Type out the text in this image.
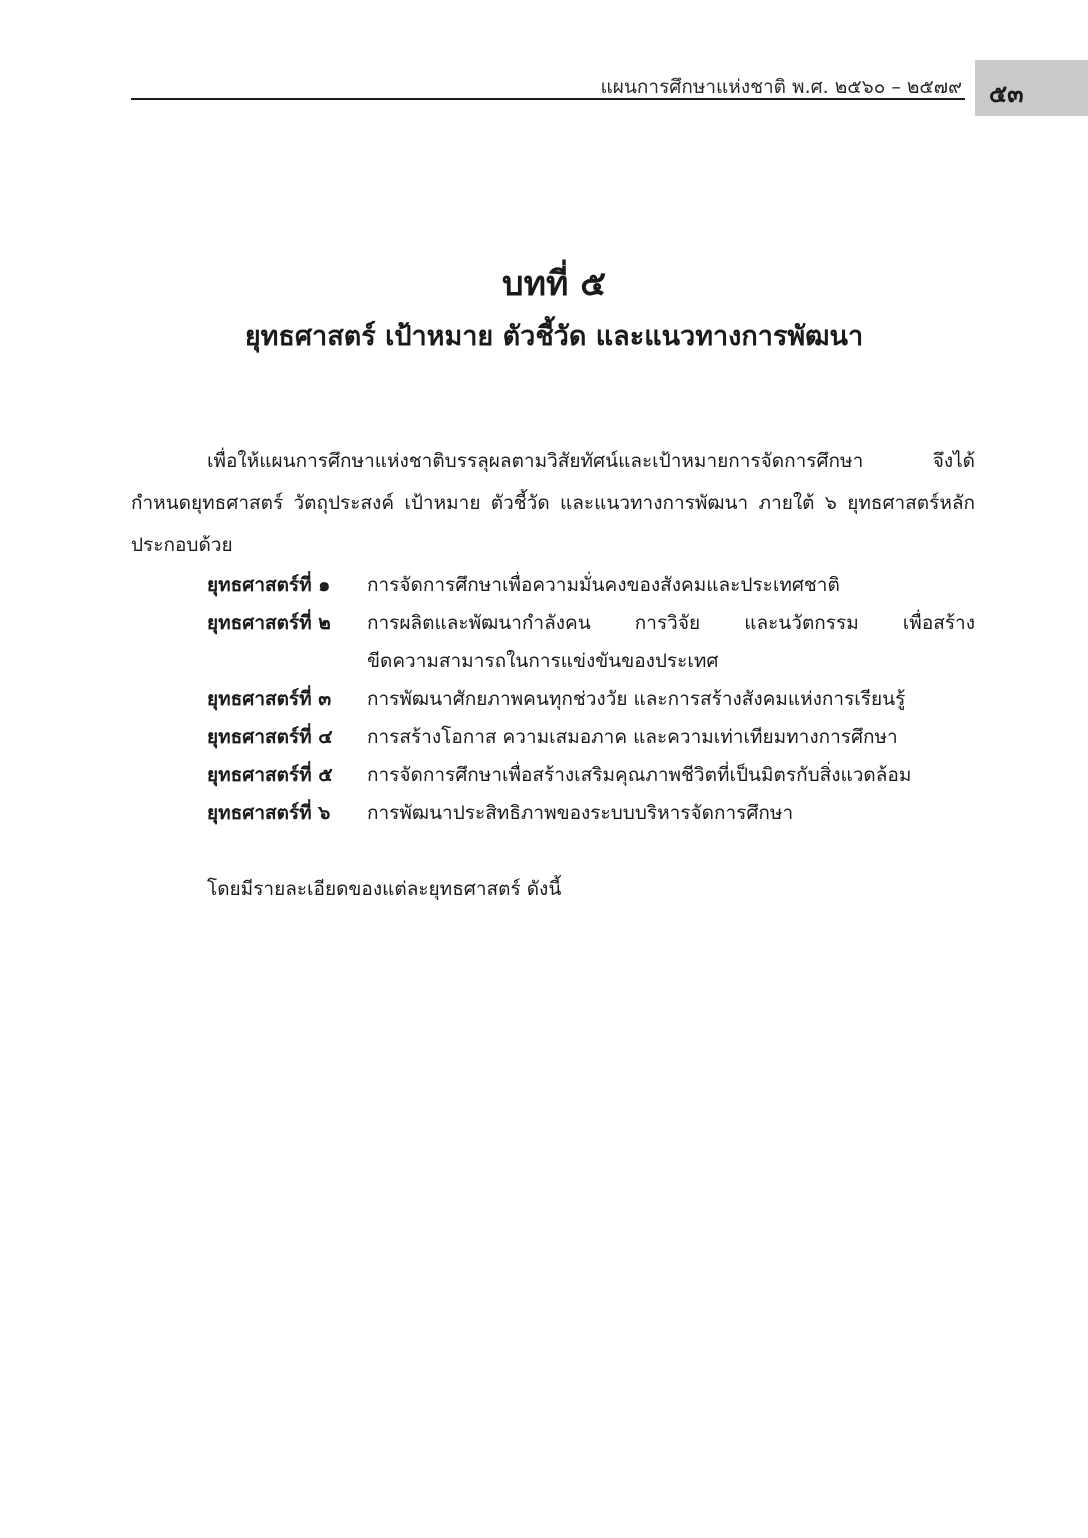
แผนการศึกษาแห่งชาติ พ.ศ. ๒๕๖๐ – ๒๕๗๙ ๕๓
บทที่ ๕
ยุทธศาสตร์ เป้าหมาย ตัวชี้วัด และแนวทางการพัฒนา

เพื่อให้แผนการศึกษาแห่งชาติบรรลุผลตามวิสัยทัศน์และเป้าหมายการจัดการศึกษา จึงได้
กำหนดยุทธศาสตร์ วัตถุประสงค์ เป้าหมาย ตัวชี้วัด และแนวทางการพัฒนา ภายใต้ ๖ ยุทธศาสตร์หลัก
ประกอบด้วย

ยุทธศาสตร์ที่ ๑	การจัดการศึกษาเพื่อความมั่นคงของสังคมและประเทศชาติ
ยุทธศาสตร์ที่ ๒	การผลิตและพัฒนากำลังคน การวิจัย และนวัตกรรม เพื่อสร้าง
ขีดความสามารถในการแข่งขันของประเทศ
ยุทธศาสตร์ที่ ๓	การพัฒนาศักยภาพคนทุกช่วงวัย และการสร้างสังคมแห่งการเรียนรู้
ยุทธศาสตร์ที่ ๔	การสร้างโอกาส ความเสมอภาค และความเท่าเทียมทางการศึกษา
ยุทธศาสตร์ที่ ๕	การจัดการศึกษาเพื่อสร้างเสริมคุณภาพชีวิตที่เป็นมิตรกับสิ่งแวดล้อม
ยุทธศาสตร์ที่ ๖	การพัฒนาประสิทธิภาพของระบบบริหารจัดการศึกษา
โดยมีรายละเอียดของแต่ละยุทธศาสตร์ ดังนี้
